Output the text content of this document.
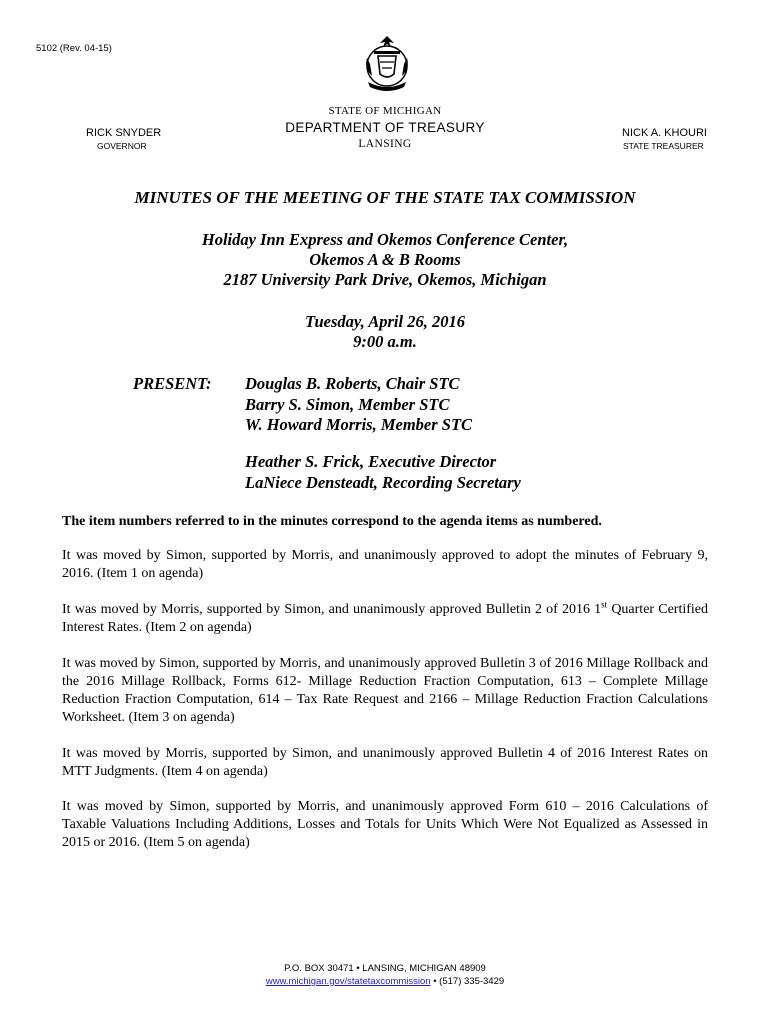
5102 (Rev. 04-15)
STATE OF MICHIGAN
DEPARTMENT OF TREASURY
LANSING
RICK SNYDER
GOVERNOR
NICK A. KHOURI
STATE TREASURER
MINUTES OF THE MEETING OF THE STATE TAX COMMISSION
Holiday Inn Express and Okemos Conference Center,
Okemos A & B Rooms
2187 University Park Drive, Okemos, Michigan
Tuesday, April 26, 2016
9:00 a.m.
PRESENT: Douglas B. Roberts, Chair STC
Barry S. Simon, Member STC
W. Howard Morris, Member STC
Heather S. Frick, Executive Director
LaNiece Densteadt, Recording Secretary
The item numbers referred to in the minutes correspond to the agenda items as numbered.
It was moved by Simon, supported by Morris, and unanimously approved to adopt the minutes of February 9, 2016. (Item 1 on agenda)
It was moved by Morris, supported by Simon, and unanimously approved Bulletin 2 of 2016 1st Quarter Certified Interest Rates. (Item 2 on agenda)
It was moved by Simon, supported by Morris, and unanimously approved Bulletin 3 of 2016 Millage Rollback and the 2016 Millage Rollback, Forms 612- Millage Reduction Fraction Computation, 613 – Complete Millage Reduction Fraction Computation, 614 – Tax Rate Request and 2166 – Millage Reduction Fraction Calculations Worksheet. (Item 3 on agenda)
It was moved by Morris, supported by Simon, and unanimously approved Bulletin 4 of 2016 Interest Rates on MTT Judgments. (Item 4 on agenda)
It was moved by Simon, supported by Morris, and unanimously approved Form 610 – 2016 Calculations of Taxable Valuations Including Additions, Losses and Totals for Units Which Were Not Equalized as Assessed in 2015 or 2016. (Item 5 on agenda)
P.O. BOX 30471 • LANSING, MICHIGAN 48909
www.michigan.gov/statetaxcommission • (517) 335-3429
